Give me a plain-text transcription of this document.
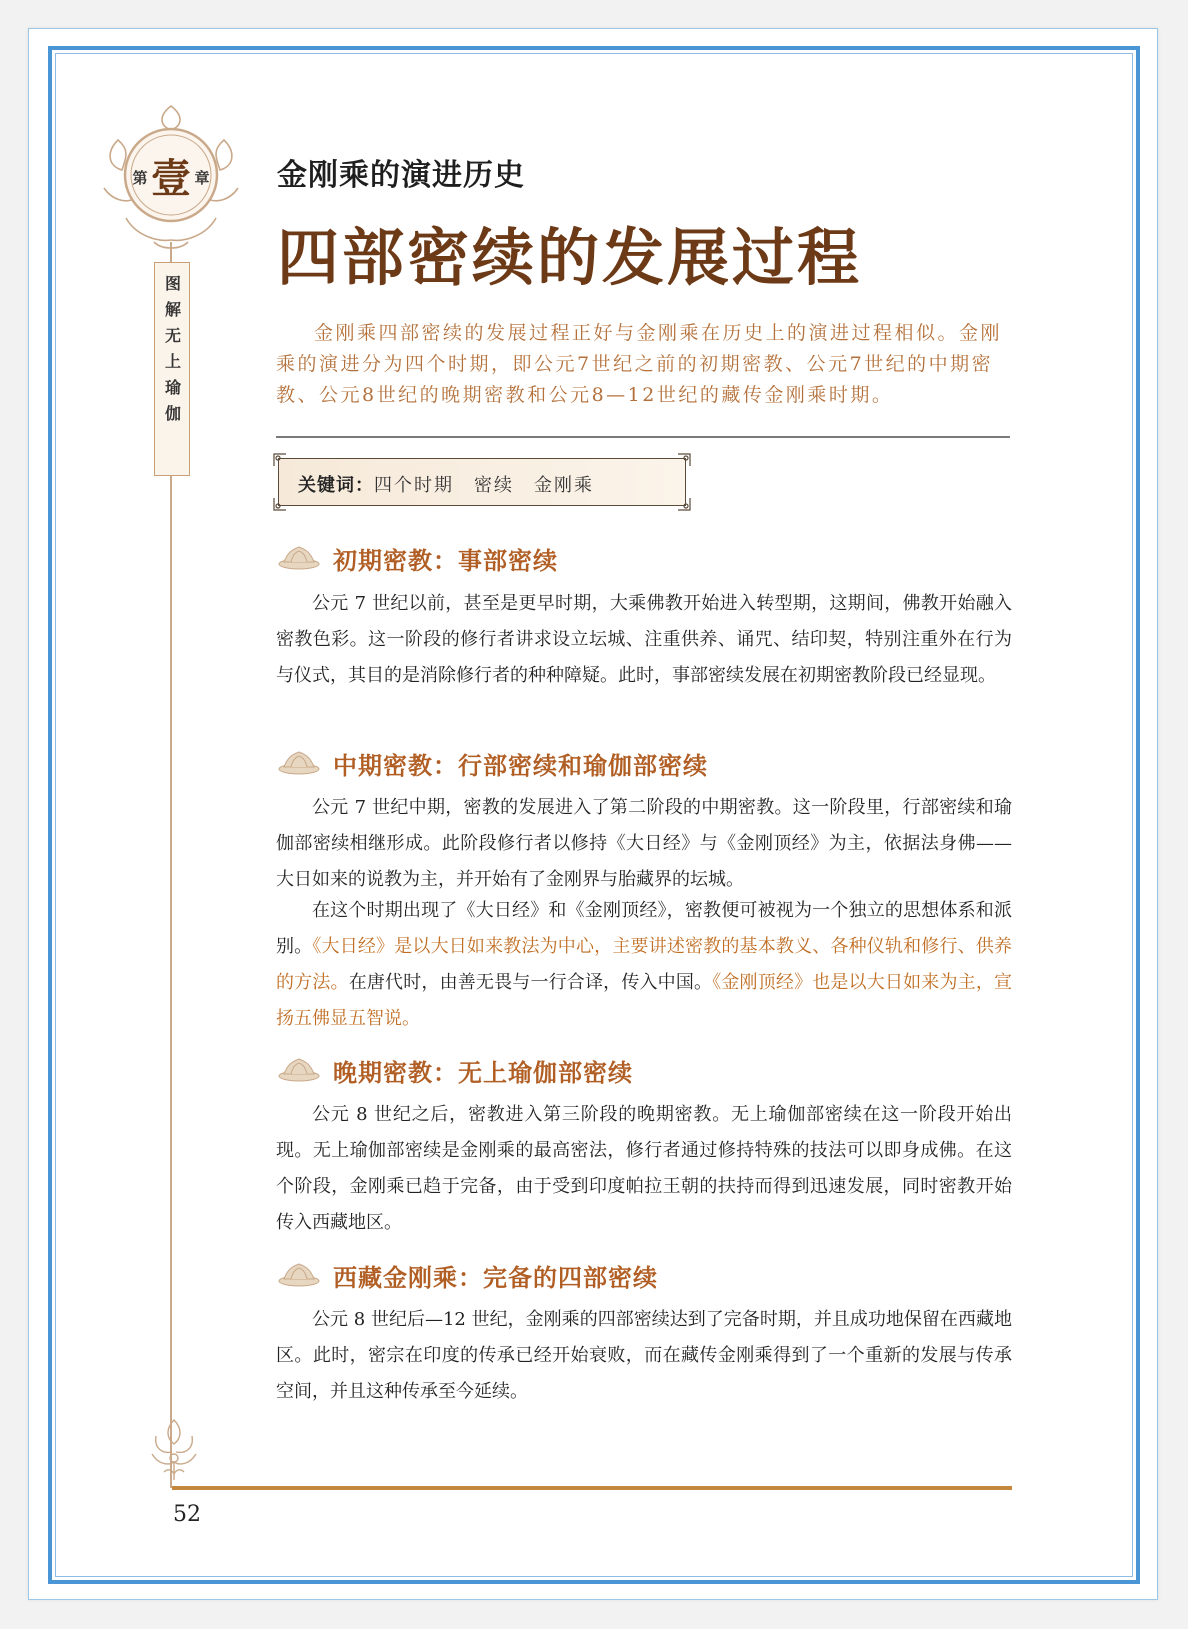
第 壹 章
图解无上瑜伽
金刚乘的演进历史
四部密续的发展过程
金刚乘四部密续的发展过程正好与金刚乘在历史上的演进过程相似。金刚乘的演进分为四个时期，即公元7世纪之前的初期密教、公元7世纪的中期密教、公元8世纪的晚期密教和公元8—12世纪的藏传金刚乘时期。
关键词：四个时期　密续　金刚乘
初期密教：事部密续
公元 7 世纪以前，甚至是更早时期，大乘佛教开始进入转型期，这期间，佛教开始融入密教色彩。这一阶段的修行者讲求设立坛城、注重供养、诵咒、结印契，特别注重外在行为与仪式，其目的是消除修行者的种种障疑。此时，事部密续发展在初期密教阶段已经显现。
中期密教：行部密续和瑜伽部密续
公元 7 世纪中期，密教的发展进入了第二阶段的中期密教。这一阶段里，行部密续和瑜伽部密续相继形成。此阶段修行者以修持《大日经》与《金刚顶经》为主，依据法身佛——大日如来的说教为主，并开始有了金刚界与胎藏界的坛城。
在这个时期出现了《大日经》和《金刚顶经》，密教便可被视为一个独立的思想体系和派别。《大日经》是以大日如来教法为中心，主要讲述密教的基本教义、各种仪轨和修行、供养的方法。在唐代时，由善无畏与一行合译，传入中国。《金刚顶经》也是以大日如来为主，宣扬五佛显五智说。
晚期密教：无上瑜伽部密续
公元 8 世纪之后，密教进入第三阶段的晚期密教。无上瑜伽部密续在这一阶段开始出现。无上瑜伽部密续是金刚乘的最高密法，修行者通过修持特殊的技法可以即身成佛。在这个阶段，金刚乘已趋于完备，由于受到印度帕拉王朝的扶持而得到迅速发展，同时密教开始传入西藏地区。
西藏金刚乘：完备的四部密续
公元 8 世纪后—12 世纪，金刚乘的四部密续达到了完备时期，并且成功地保留在西藏地区。此时，密宗在印度的传承已经开始衰败，而在藏传金刚乘得到了一个重新的发展与传承空间，并且这种传承至今延续。
52
